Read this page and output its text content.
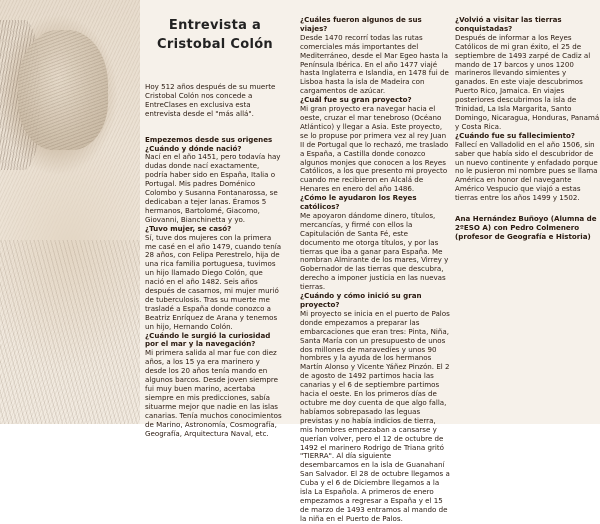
Entrevista a
Cristobal Colón

Hoy 512 años después de su muerte Cristobal Colón nos concede a EntreClases en exclusiva esta entrevista desde el "más allá".

Empezemos desde sus origenes

¿Cuándo y dónde nació?

Nací en el año 1451, pero todavía hay dudas donde nací exactamente, podría haber sido en España, Italia o Portugal. Mis padres Doménico Colombo y Susanna Fontanarossa, se dedicaban a tejer lanas. Éramos 5 hermanos, Bartolomé, Giacomo, Giovanni, Bianchinetta y yo.

¿Tuvo mujer, se casó?

Sí, tuve dos mujeres con la primera me casé en el año 1479, cuando tenía 28 años, con Felipa Perestrelo, hija de una rica familia portuguesa, tuvimos un hijo llamado Diego Colón, que nació en el año 1482. Seis años después de casarnos, mi mujer murió de tuberculosis. Tras su muerte me trasladé a España donde conozco a Beatriz Enríquez de Arana y tenemos un hijo, Hernando Colón.

¿Cuándo le surgió la curiosidad por el mar y la navegación?

Mi primera salida al mar fue con diez años, a los 15 ya era marinero y desde los 20 años tenía mando en algunos barcos. Desde joven siempre fui muy buen marino, acertaba siempre en mis predicciones, sabía situarme mejor que nadie en las islas canarias. Tenía muchos conocimientos de Marino, Astronomía, Cosmografía, Geografía, Arquitectura Naval, etc.

¿Cuáles fueron algunos de sus viajes?

Desde 1470 recorrí todas las rutas comerciales más importantes del Mediterráneo, desde el Mar Egeo hasta la Península Ibérica. En el año 1477 viajé hasta Inglaterra e Islandia, en 1478 fui de Lisboa hasta la isla de Madeira con cargamentos de azúcar.

¿Cuál fue su gran proyecto?

Mi gran proyecto era navegar hacia el oeste, cruzar el mar tenebroso (Océano Atlántico) y llegar a Asia. Este proyecto, se lo propuse por primera vez al rey Juan II de Portugal que lo rechazó, me traslado a España, a Castilla donde conozco algunos monjes que conocen a los Reyes Católicos, a los que presento mi proyecto cuando me recibieron en Alcalá de Henares en enero del año 1486.

¿Cómo le ayudaron los Reyes católicos?

Me apoyaron dándome dinero, títulos, mercancías, y firmé con ellos la Capitulación de Santa Fé, este documento me otorga títulos, y por las tierras que iba a ganar para España. Me nombran Almirante de los mares, Virrey y Gobernador de las tierras que descubra, derecho a imponer justicia en las nuevas tierras.

¿Cuándo y cómo inició su gran proyecto?

Mi proyecto se inicia en el puerto de Palos donde empezamos a preparar las embarcaciones que eran tres: Pinta, Niña, Santa María con un presupuesto de unos dos millones de maravedíes y unos 90 hombres y la ayuda de los hermanos Martín Alonso y Vicente Yáñez Pinzón. El 2 de agosto de 1492 partimos hacia las canarias y el 6 de septiembre partimos hacia el oeste. En los primeros días de octubre me doy cuenta de que algo falla, habíamos sobrepasado las leguas previstas y no había indicios de tierra, mis hombres empezaban a cansarse y querían volver, pero el 12 de octubre de 1492 el marinero Rodrigo de Triana gritó "TIERRA". Al día siguiente desembarcamos en la isla de Guanahaní San Salvador. El 28 de octubre llegamos a Cuba y el 6 de Diciembre llegamos a la isla La Española. A primeros de enero empezamos a regresar a España y el 15 de marzo de 1493 entramos al mando de la niña en el Puerto de Palos.

¿Volvió a visitar las tierras conquistadas?

Después de informar a los Reyes Católicos de mi gran éxito, el 25 de septiembre de 1493 zarpé de Cadiz al mando de 17 barcos y unos 1200 marineros llevando simientes y ganados. En este viaje descubrimos Puerto Rico, Jamaica. En viajes posteriores descubrimos la isla de Trinidad, La Isla Margarita, Santo Domingo, Nicaragua, Honduras, Panamá y Costa Rica.

¿Cuándo fue su fallecimiento?

Fallecí en Valladolid en el año 1506, sin saber que había sido el descubridor de un nuevo continente y enfadado porque no le pusieron mi nombre pues se llama América en honor del navegante Américo Vespucio que viajó a estas tierras entre los años 1499 y 1502.

Ana Hernández Buñoyo (Alumna de 2ºESO A) con Pedro Colmenero (profesor de Geografía e Historia)
